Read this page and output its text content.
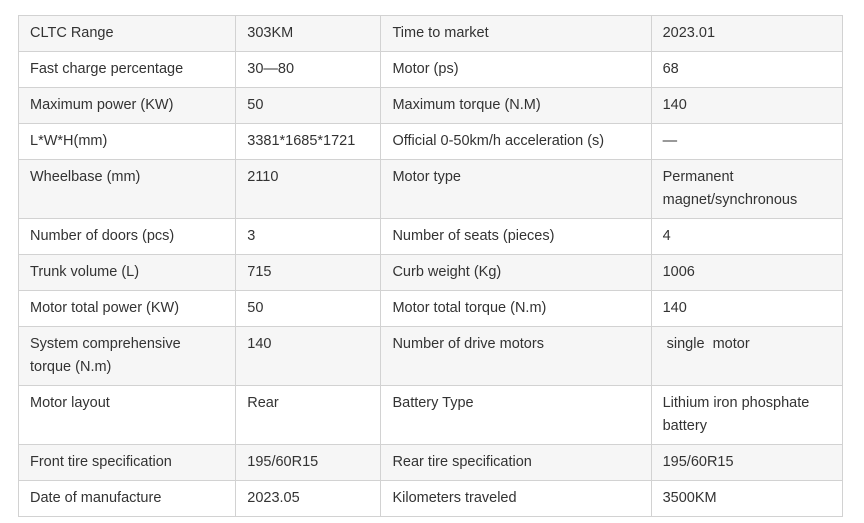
CLTC Range	303KM	Time to market	2023.01
Fast charge percentage	30—80	Motor (ps)	68
Maximum power (KW)	50	Maximum torque (N.M)	140
L*W*H(mm)	3381*1685*1721	Official 0-50km/h acceleration (s)	—
Wheelbase (mm)	2110	Motor type	Permanent magnet/synchronous
Number of doors (pcs)	3	Number of seats (pieces)	4
Trunk volume (L)	715	Curb weight (Kg)	1006
Motor total power (KW)	50	Motor total torque (N.m)	140
System comprehensive torque (N.m)	140	Number of drive motors	single  motor
Motor layout	Rear	Battery Type	Lithium iron phosphate battery
Front tire specification	195/60R15	Rear tire specification	195/60R15
Date of manufacture	2023.05	Kilometers traveled	3500KM
